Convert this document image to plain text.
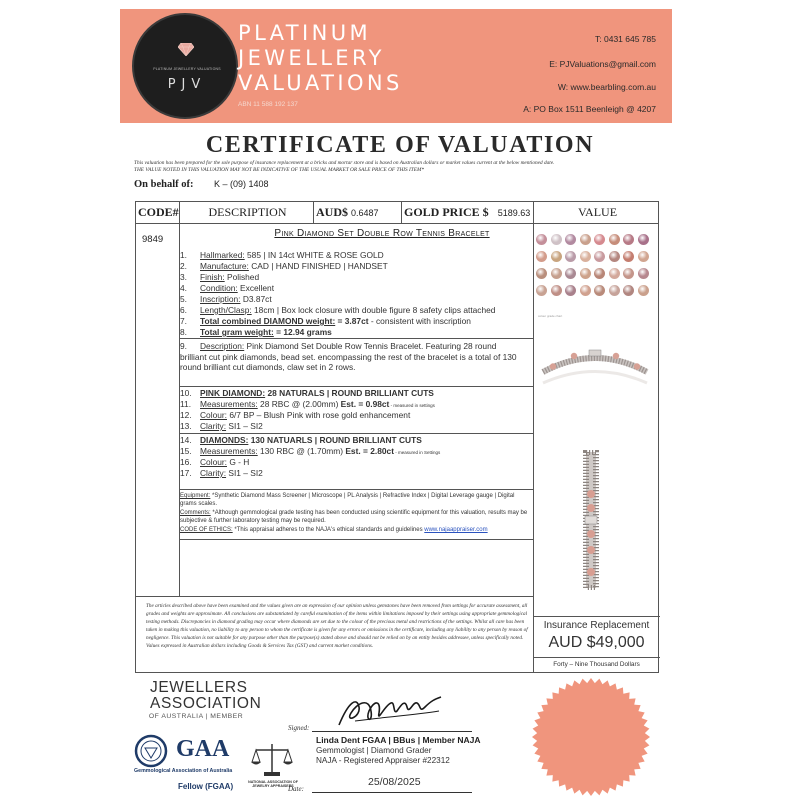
PLATINUM JEWELLERY VALUATIONS
PJV
PLATINUM
JEWELLERY
VALUATIONS
ABN 11 588 192 137
T: 0431 645 785
E: PJValuations@gmail.com
W: www.bearbling.com.au
A: PO Box 1511 Beenleigh @ 4207
CERTIFICATE OF VALUATION
This valuation has been prepared for the sole purpose of insurance replacement at a bricks and mortar store and is based on Australian dollars or market values current at the below mentioned date.
THE VALUE NOTED IN THIS VALUATION MAY NOT BE INDICATIVE OF THE USUAL MARKET OR SALE PRICE OF THIS ITEM*
On behalf of: K – (09) 1408
CODE#	DESCRIPTION	AUD$ 0.6487	GOLD PRICE $ 5189.63	VALUE
9849
Pink Diamond Set Double Row Tennis Bracelet
1. Hallmarked: 585 | IN 14ct WHITE & ROSE GOLD
2. Manufacture: CAD | HAND FINISHED | HANDSET
3. Finish: Polished
4. Condition: Excellent
5. Inscription: D3.87ct
6. Length/Clasp: 18cm | Box lock closure with double figure 8 safety clips attached
7. Total combined DIAMOND weight: = 3.87ct - consistent with inscription
8. Total gram weight: = 12.94 grams
9. Description: Pink Diamond Set Double Row Tennis Bracelet. Featuring 28 round brilliant cut pink diamonds, bead set. encompassing the rest of the bracelet is a total of 130 round brilliant cut diamonds, claw set in 2 rows.
10. PINK DIAMOND: 28 NATURALS | ROUND BRILLIANT CUTS
11. Measurements: 28 RBC @ (2.00mm) Est. = 0.98ct - measured in settings
12. Colour: 6/7 BP – Blush Pink with rose gold enhancement
13. Clarity: SI1 – SI2
14. DIAMONDS: 130 NATUARLS | ROUND BRILLIANT CUTS
15. Measurements: 130 RBC @ (1.70mm) Est. = 2.80ct - measured in Settings
16. Colour: G - H
17. Clarity: SI1 – SI2
Equipment: *Synthetic Diamond Mass Screener | Microscope | PL Analysis | Refractive Index | Digital Leverage gauge | Digital grams scales.
Comments: *Although gemmological grade testing has been conducted using scientific equipment for this valuation, results may be subjective & further laboratory testing may be required.
CODE OF ETHICS: *This appraisal adheres to the NAJA's ethical standards and guidelines www.najaappraiser.com
colour grade chart
The articles described above have been examined and the values given are an expression of our opinion unless gemstones have been removed from settings for accurate assessment, all grades and weights are approximate. All conclusions are substantiated by careful examination of the items within limitations imposed by their settings using appropriate gemmological testing methods. Discrepancies in diamond grading may occur where diamonds are set due to the colour of the precious metal and restrictions of the settings. Whilst all care has been taken in making this valuation, no liability to any person to whom the certificate is given for any errors or omissions in the certificate, including any liability to any person by reason of negligence. This valuation is not suitable for any purpose other than the purpose(s) stated above and should not be relied on by an entity besides addressee, unless specifically noted. Values expressed in Australian dollars including Goods & Services Tax (GST) and current market conditions.
Insurance Replacement
AUD $49,000
Forty – Nine Thousand Dollars
JEWELLERS
ASSOCIATION
OF AUSTRALIA | MEMBER
GAA
Gemmological Association of Australia
Fellow (FGAA)	NATIONAL ASSOCIATION OF JEWELRY APPRAISERS
Signed:
Linda Dent FGAA | BBus | Member NAJA
Gemmologist | Diamond Grader
NAJA - Registered Appraiser #22312
Date:
25/08/2025
